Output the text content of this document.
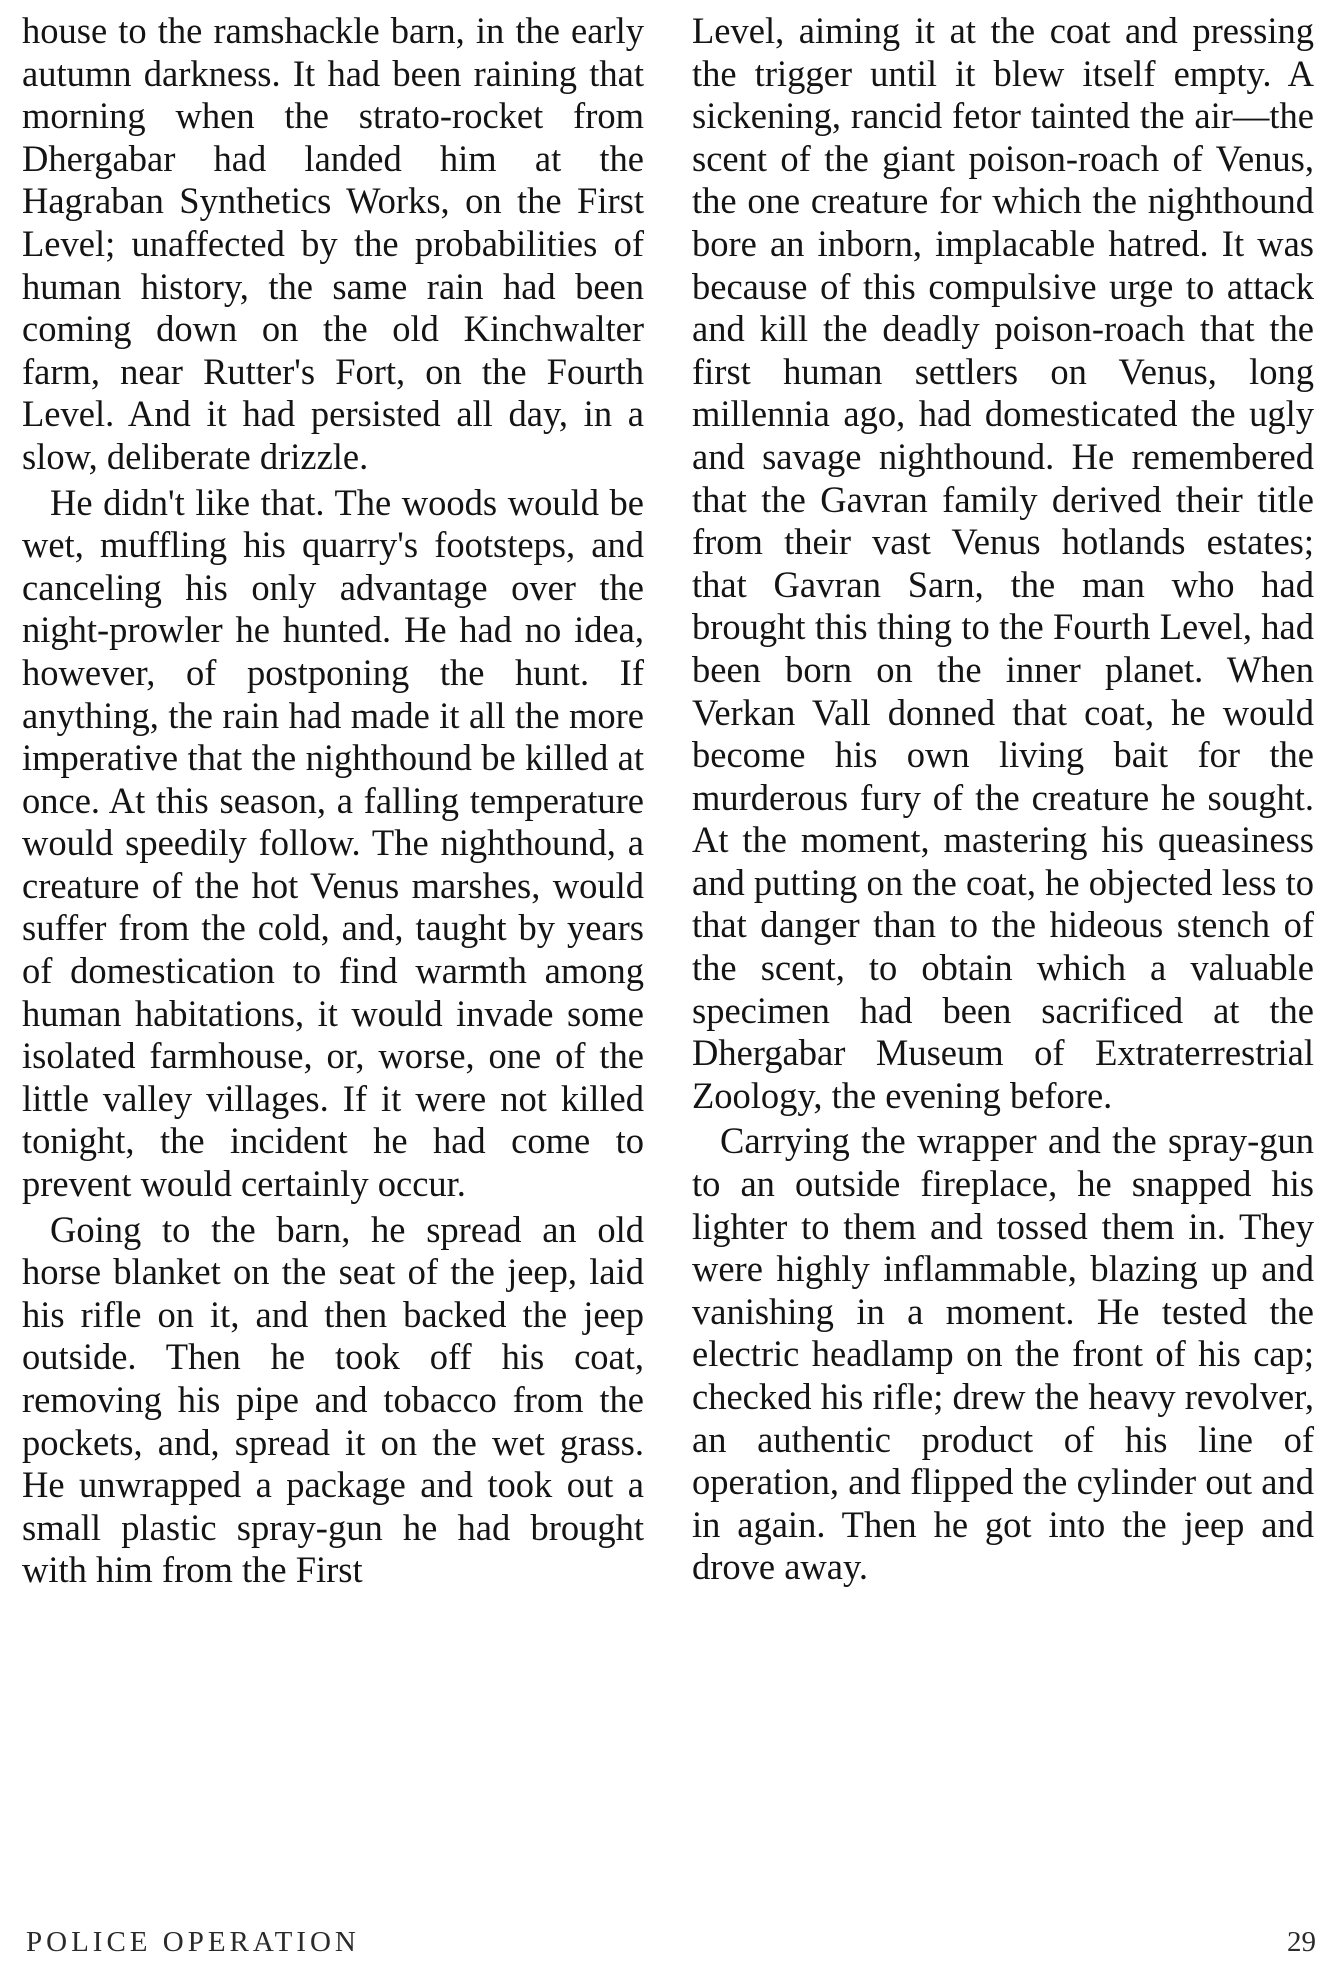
house to the ramshackle barn, in the early autumn darkness. It had been raining that morning when the strato-rocket from Dhergabar had landed him at the Hagraban Synthetics Works, on the First Level; unaffected by the probabilities of human history, the same rain had been coming down on the old Kinchwalter farm, near Rutter's Fort, on the Fourth Level. And it had persisted all day, in a slow, deliberate drizzle.

He didn't like that. The woods would be wet, muffling his quarry's footsteps, and canceling his only advantage over the night-prowler he hunted. He had no idea, however, of postponing the hunt. If anything, the rain had made it all the more imperative that the nighthound be killed at once. At this season, a falling temperature would speedily follow. The nighthound, a creature of the hot Venus marshes, would suffer from the cold, and, taught by years of domestication to find warmth among human habitations, it would invade some isolated farmhouse, or, worse, one of the little valley villages. If it were not killed tonight, the incident he had come to prevent would certainly occur.

Going to the barn, he spread an old horse blanket on the seat of the jeep, laid his rifle on it, and then backed the jeep outside. Then he took off his coat, removing his pipe and tobacco from the pockets, and, spread it on the wet grass. He unwrapped a package and took out a small plastic spray-gun he had brought with him from the First

Level, aiming it at the coat and pressing the trigger until it blew itself empty. A sickening, rancid fetor tainted the air—the scent of the giant poison-roach of Venus, the one creature for which the nighthound bore an inborn, implacable hatred. It was because of this compulsive urge to attack and kill the deadly poison-roach that the first human settlers on Venus, long millennia ago, had domesticated the ugly and savage nighthound. He remembered that the Gavran family derived their title from their vast Venus hotlands estates; that Gavran Sarn, the man who had brought this thing to the Fourth Level, had been born on the inner planet. When Verkan Vall donned that coat, he would become his own living bait for the murderous fury of the creature he sought. At the moment, mastering his queasiness and putting on the coat, he objected less to that danger than to the hideous stench of the scent, to obtain which a valuable specimen had been sacrificed at the Dhergabar Museum of Extraterrestrial Zoology, the evening before.

Carrying the wrapper and the spray-gun to an outside fireplace, he snapped his lighter to them and tossed them in. They were highly inflammable, blazing up and vanishing in a moment. He tested the electric headlamp on the front of his cap; checked his rifle; drew the heavy revolver, an authentic product of his line of operation, and flipped the cylinder out and in again. Then he got into the jeep and drove away.

POLICE OPERATION	29
